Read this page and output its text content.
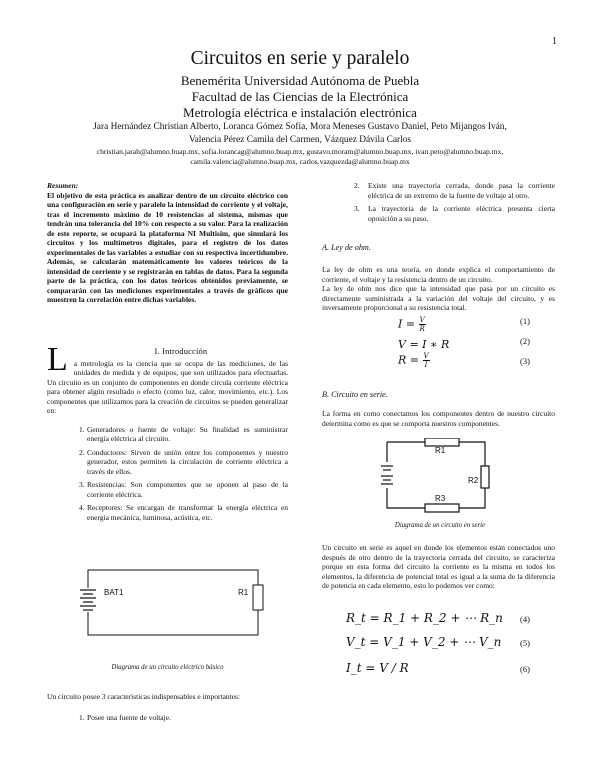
1
Circuitos en serie y paralelo
Benemérita Universidad Autónoma de Puebla
Facultad de las Ciencias de la Electrónica
Metrología eléctrica e instalación electrónica
Jara Hernández Christian Alberto, Loranca Gómez Sofía, Mora Meneses Gustavo Daniel, Peto Mijangos Iván,
Valencia Pérez Camila del Carmen, Vázquez Dávila Carlos
christian.jarah@alumno.buap.mx, sofia.lorancag@alumno.buap.mx, gustavo.moram@alumno.buap.mx, ivan.peto@alumno.buap.mx,
camila.valencia@alumno.buap.mx, carlos.vazquezda@alumno.buap.mx
Resumen:
El objetivo de esta práctica es analizar dentro de un circuito eléctrico con una configuración en serie y paralelo la intensidad de corriente y el voltaje, tras el incremento máximo de 10 resistencias al sistema, mismas que tendrán una tolerancia del 10% con respecto a su valor. Para la realización de este reporte, se ocupará la plataforma NI Multisim, que simulará los circuitos y los multímetros digitales, para el registro de los datos experimentales de las variables a estudiar con su respectiva incertidumbre. Además, se calcularán matemáticamente los valores teóricos de la intensidad de corriente y se registrarán en tablas de datos. Para la segunda parte de la práctica, con los datos teóricos obtenidos previamente, se compararán con las mediciones experimentales a través de gráficos que muestren la correlación entre dichas variables.
L	I. Introducción
a metrología es la ciencia que se ocupa de las mediciones, de las unidades de medida y de equipos, que son utilizados para efectuarlas. Un circuito es un conjunto de componentes en donde circula corriente eléctrica para obtener algún resultado o efecto (como luz, calor, movimiento, etc.). Los componentes que utilizamos para la creación de circuitos se pueden generalizar en:
1. Generadores o fuente de voltaje: Su finalidad es suministrar energía eléctrica al circuito.
2. Conductores: Sirven de unión entre los componentes y nuestro generador, estos permiten la circulación de corriente eléctrica a través de ellos.
3. Resistencias: Son componentes que se oponen al paso de la corriente eléctrica.
4. Receptores: Se encargan de transformar la energía eléctrica en energía mecánica, luminosa, acústica, etc.
BAT1	R1
Diagrama de un circuito eléctrico básico
Un circuito posee 3 características indispensables e importantes:
1. Posee una fuente de voltaje.
2. Existe una trayectoria cerrada, donde pasa la corriente eléctrica de un extremo de la fuente de voltaje al otro.
3. La trayectoria de la corriente eléctrica presenta cierta oposición a su paso.
A. Ley de ohm.
La ley de ohm es una teoría, en donde explica el comportamiento de corriente, el voltaje y la resistencia dentro de un circuito.
La ley de ohm nos dice que la intensidad que pasa por un circuito es directamente suministrada a la variación del voltaje del circuito, y es inversamente proporcional a su resistencia total.
$I = \frac{V}{R}$	(1)
V = I ∗ R	(2)
$R = \frac{V}{I}$	(3)
B. Circuito en serie.
La forma en como conectamos los componentes dentro de nuestro circuito determina como es que se comporta nuestros componentes.
R1
R2
R3
Diagrama de un circuito en serie
Un circuito en serie es aquel en donde los elementos están conectados uno después de otro dentro de la trayectoria cerrada del circuito, se caracteriza porque en esta forma del circuito la corriente es la misma en todos los elementos, la diferencia de potencial total es igual a la suma de la diferencia de potencia en cada elemento, esto lo podemos ver como:
R_t = R_1 + R_2 + ⋯ R_n (4)
V_t = V_1 + V_2 + ⋯ V_n (5)
I_t = V / R	(6)
